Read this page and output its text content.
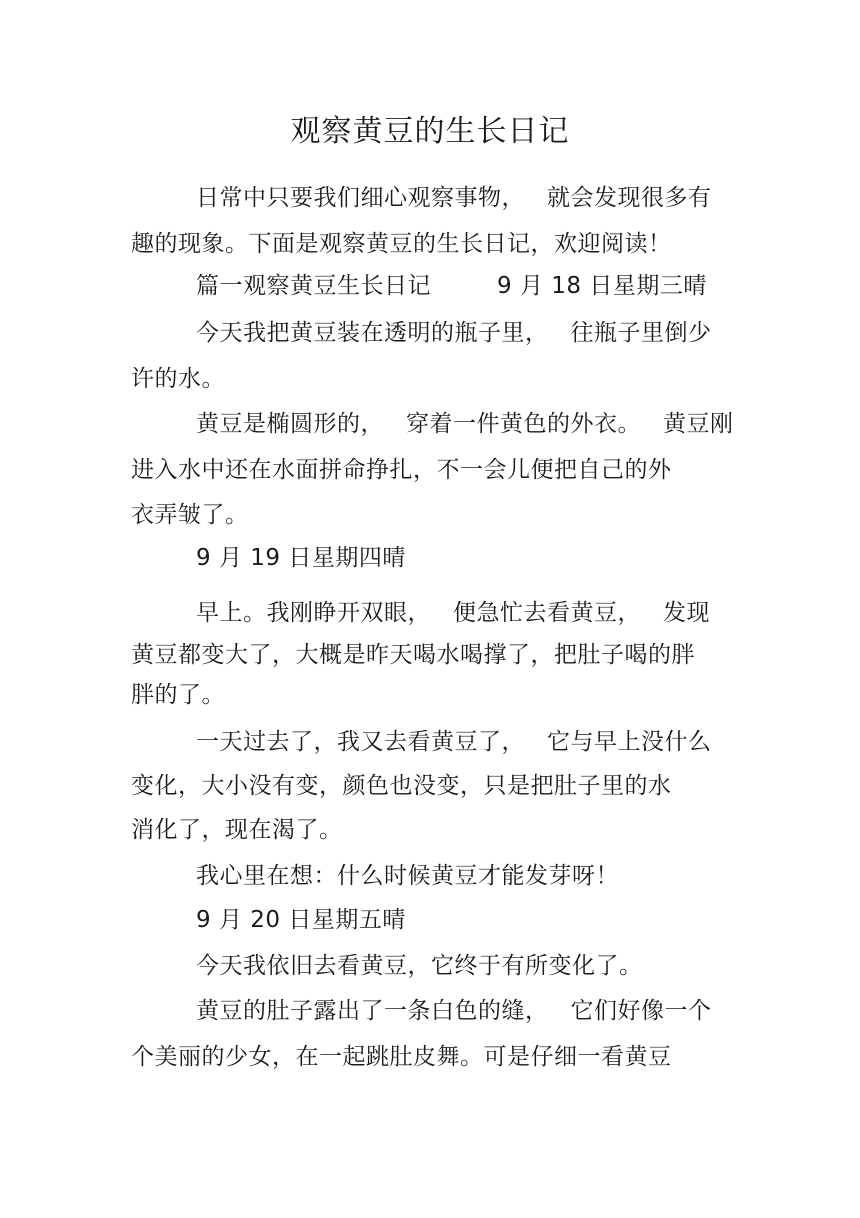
观察黄豆的生长日记
日常中只要我们细心观察事物， 就会发现很多有
趣的现象。下面是观察黄豆的生长日记，欢迎阅读！
篇一观察黄豆生长日记	9 月 18 日星期三晴
今天我把黄豆装在透明的瓶子里， 往瓶子里倒少
许的水。
黄豆是椭圆形的， 穿着一件黄色的外衣。 黄豆刚
进入水中还在水面拼命挣扎，不一会儿便把自己的外
衣弄皱了。
9 月 19 日星期四晴
早上。我刚睁开双眼， 便急忙去看黄豆， 发现
黄豆都变大了，大概是昨天喝水喝撑了，把肚子喝的胖
胖的了。
一天过去了，我又去看黄豆了， 它与早上没什么
变化，大小没有变，颜色也没变，只是把肚子里的水
消化了，现在渴了。
我心里在想：什么时候黄豆才能发芽呀！
9 月 20 日星期五晴
今天我依旧去看黄豆，它终于有所变化了。
黄豆的肚子露出了一条白色的缝， 它们好像一个
个美丽的少女，在一起跳肚皮舞。可是仔细一看黄豆
